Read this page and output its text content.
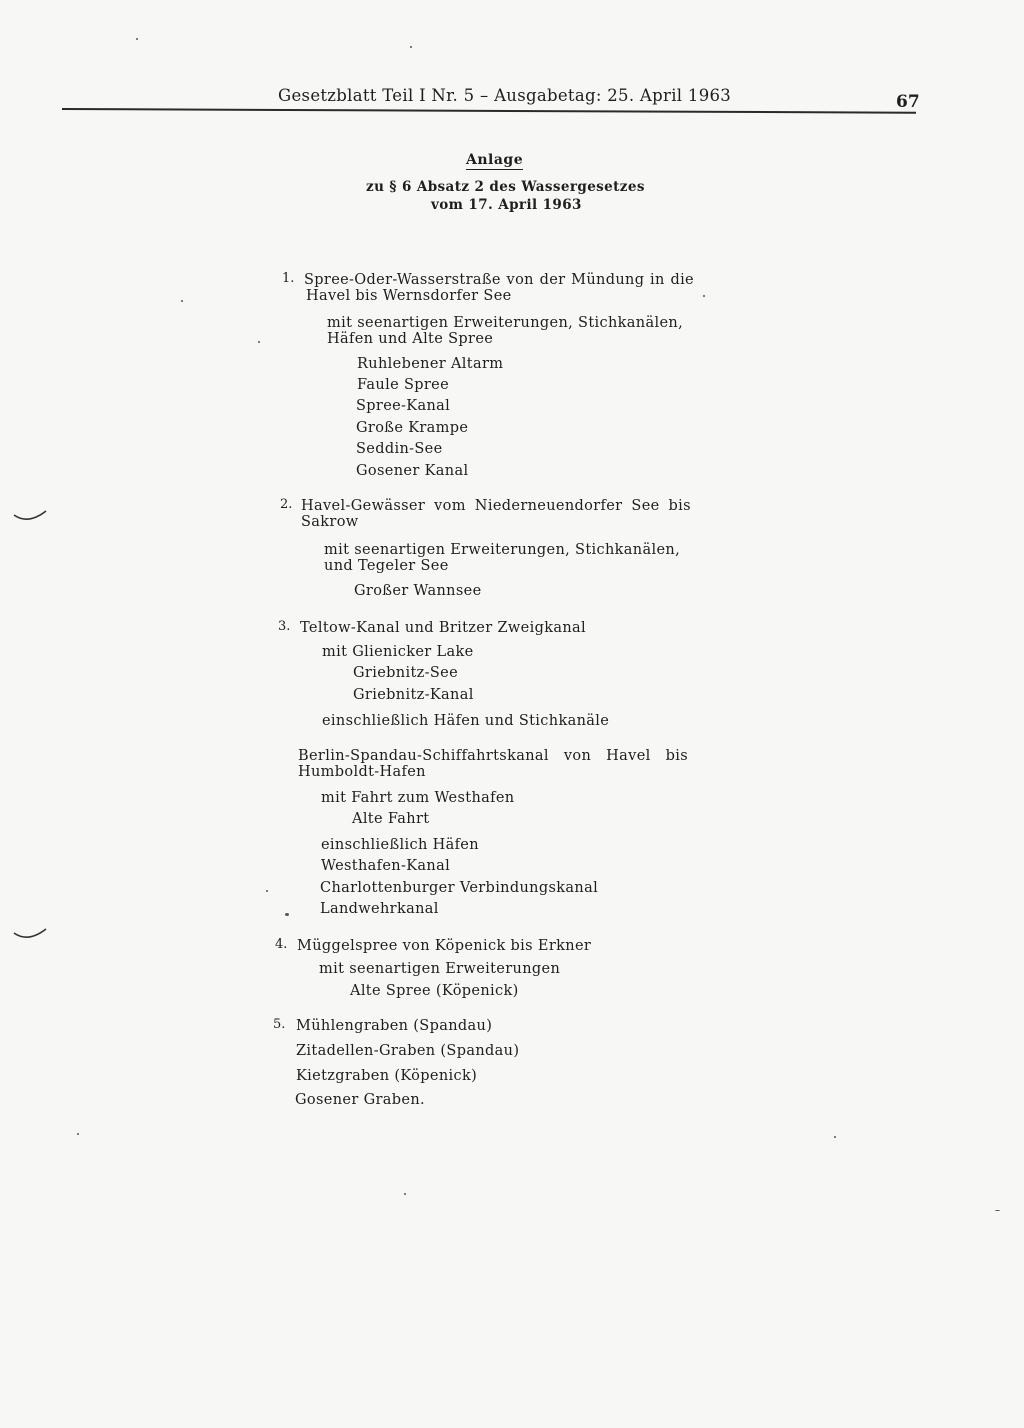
Gesetzblatt Teil I Nr. 5 – Ausgabetag: 25. April 1963	67
Anlage
zu § 6 Absatz 2 des Wassergesetzes
vom 17. April 1963
1. Spree-Oder-Wasserstraße von der Mündung in die
Havel bis Wernsdorfer See
mit seenartigen Erweiterungen, Stichkanälen,
Häfen und Alte Spree
Ruhlebener Altarm
Faule Spree
Spree-Kanal
Große Krampe
Seddin-See
Gosener Kanal
2. Havel-Gewässer vom Niederneuendorfer See bis
Sakrow
mit seenartigen Erweiterungen, Stichkanälen,
und Tegeler See
Großer Wannsee
3. Teltow-Kanal und Britzer Zweigkanal
mit Glienicker Lake
Griebnitz-See
Griebnitz-Kanal
einschließlich Häfen und Stichkanäle
Berlin-Spandau-Schiffahrtskanal von Havel bis
Humboldt-Hafen
mit Fahrt zum Westhafen
Alte Fahrt
einschließlich Häfen
Westhafen-Kanal
Charlottenburger Verbindungskanal
Landwehrkanal
4. Müggelspree von Köpenick bis Erkner
mit seenartigen Erweiterungen
Alte Spree (Köpenick)
5. Mühlengraben (Spandau)
Zitadellen-Graben (Spandau)
Kietzgraben (Köpenick)
Gosener Graben.
